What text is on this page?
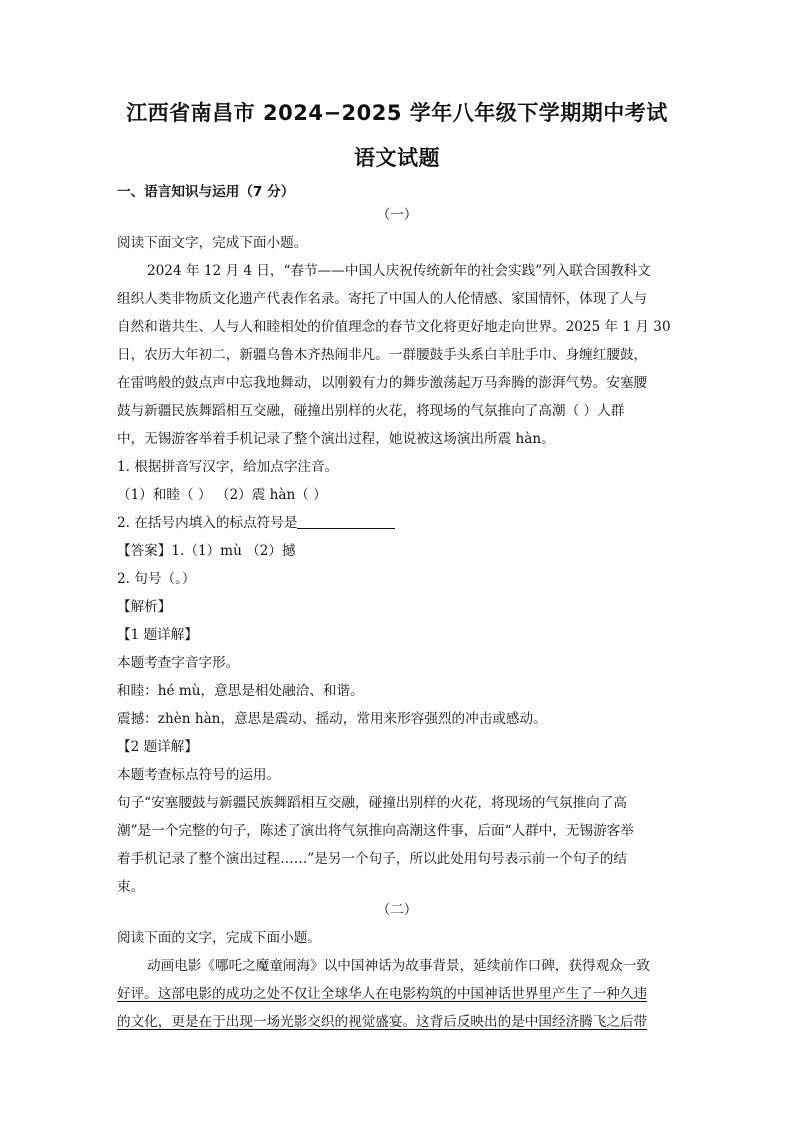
江西省南昌市 2024−2025 学年八年级下学期期中考试
语文试题
一、语言知识与运用（7 分）
（一）
阅读下面文字，完成下面小题。
2024 年 12 月 4 日，“春节——中国人庆祝传统新年的社会实践”列入联合国教科文
组织人类非物质文化遗产代表作名录。寄托了中国人的人伦情感、家国情怀，体现了人与
自然和谐共生、人与人和睦相处的价值理念的春节文化将更好地走向世界。2025 年 1 月 30
日，农历大年初二，新疆乌鲁木齐热闹非凡。一群腰鼓手头系白羊肚手巾、身缠红腰鼓，
在雷鸣般的鼓点声中忘我地舞动，以刚毅有力的舞步激荡起万马奔腾的澎湃气势。安塞腰
鼓与新疆民族舞蹈相互交融，碰撞出别样的火花，将现场的气氛推向了高潮（ ）人群
中，无锡游客举着手机记录了整个演出过程，她说被这场演出所震 hàn。
1. 根据拼音写汉字，给加点字注音。
（1）和睦（ ） （2）震 hàn（ ）
2. 在括号内填入的标点符号是
【答案】1.（1）mù （2）撼
2. 句号（。）
【解析】
【1 题详解】
本题考查字音字形。
和睦：hé mù，意思是相处融洽、和谐。
震撼：zhèn hàn，意思是震动、摇动，常用来形容强烈的冲击或感动。
【2 题详解】
本题考查标点符号的运用。
句子“安塞腰鼓与新疆民族舞蹈相互交融，碰撞出别样的火花，将现场的气氛推向了高
潮”是一个完整的句子，陈述了演出将气氛推向高潮这件事，后面“人群中，无锡游客举
着手机记录了整个演出过程……”是另一个句子，所以此处用句号表示前一个句子的结
束。
（二）
阅读下面的文字，完成下面小题。
动画电影《哪吒之魔童闹海》以中国神话为故事背景，延续前作口碑，获得观众一致
好评。这部电影的成功之处不仅让全球华人在电影构筑的中国神话世界里产生了一种久违
的文化，更是在于出现一场光影交织的视觉盛宴。这背后反映出的是中国经济腾飞之后带
